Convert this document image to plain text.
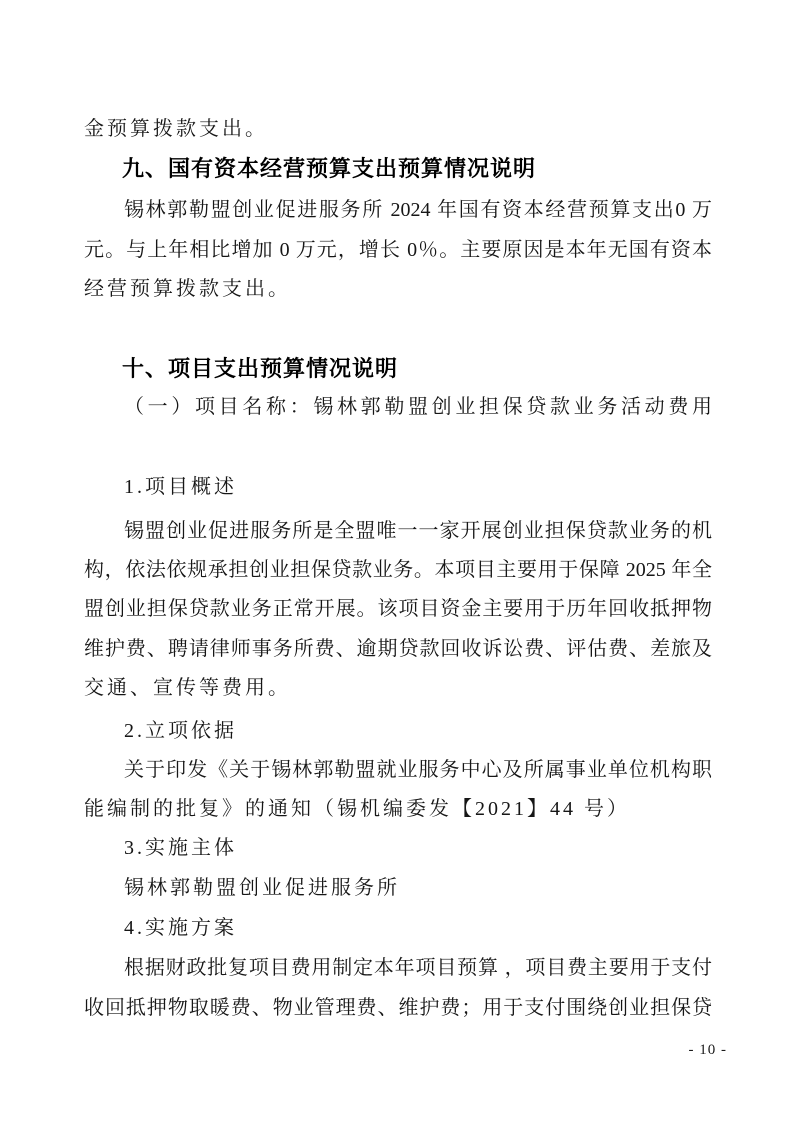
金预算拨款支出。
九、国有资本经营预算支出预算情况说明
锡林郭勒盟创业促进服务所 2024 年国有资本经营预算支出0 万
元。与上年相比增加 0 万元，增长 0％。主要原因是本年无国有资本
经营预算拨款支出。
十、项目支出预算情况说明
（一）项目名称：锡林郭勒盟创业担保贷款业务活动费用
1.项目概述
锡盟创业促进服务所是全盟唯一一家开展创业担保贷款业务的机
构，依法依规承担创业担保贷款业务。本项目主要用于保障 2025 年全
盟创业担保贷款业务正常开展。该项目资金主要用于历年回收抵押物
维护费、聘请律师事务所费、逾期贷款回收诉讼费、评估费、差旅及
交通、宣传等费用。
2.立项依据
关于印发《关于锡林郭勒盟就业服务中心及所属事业单位机构职
能编制的批复》的通知（锡机编委发【2021】44 号）
3.实施主体
锡林郭勒盟创业促进服务所
4.实施方案
根据财政批复项目费用制定本年项目预算 ，项目费主要用于支付
收回抵押物取暖费、物业管理费、维护费；用于支付围绕创业担保贷
- 10 -
